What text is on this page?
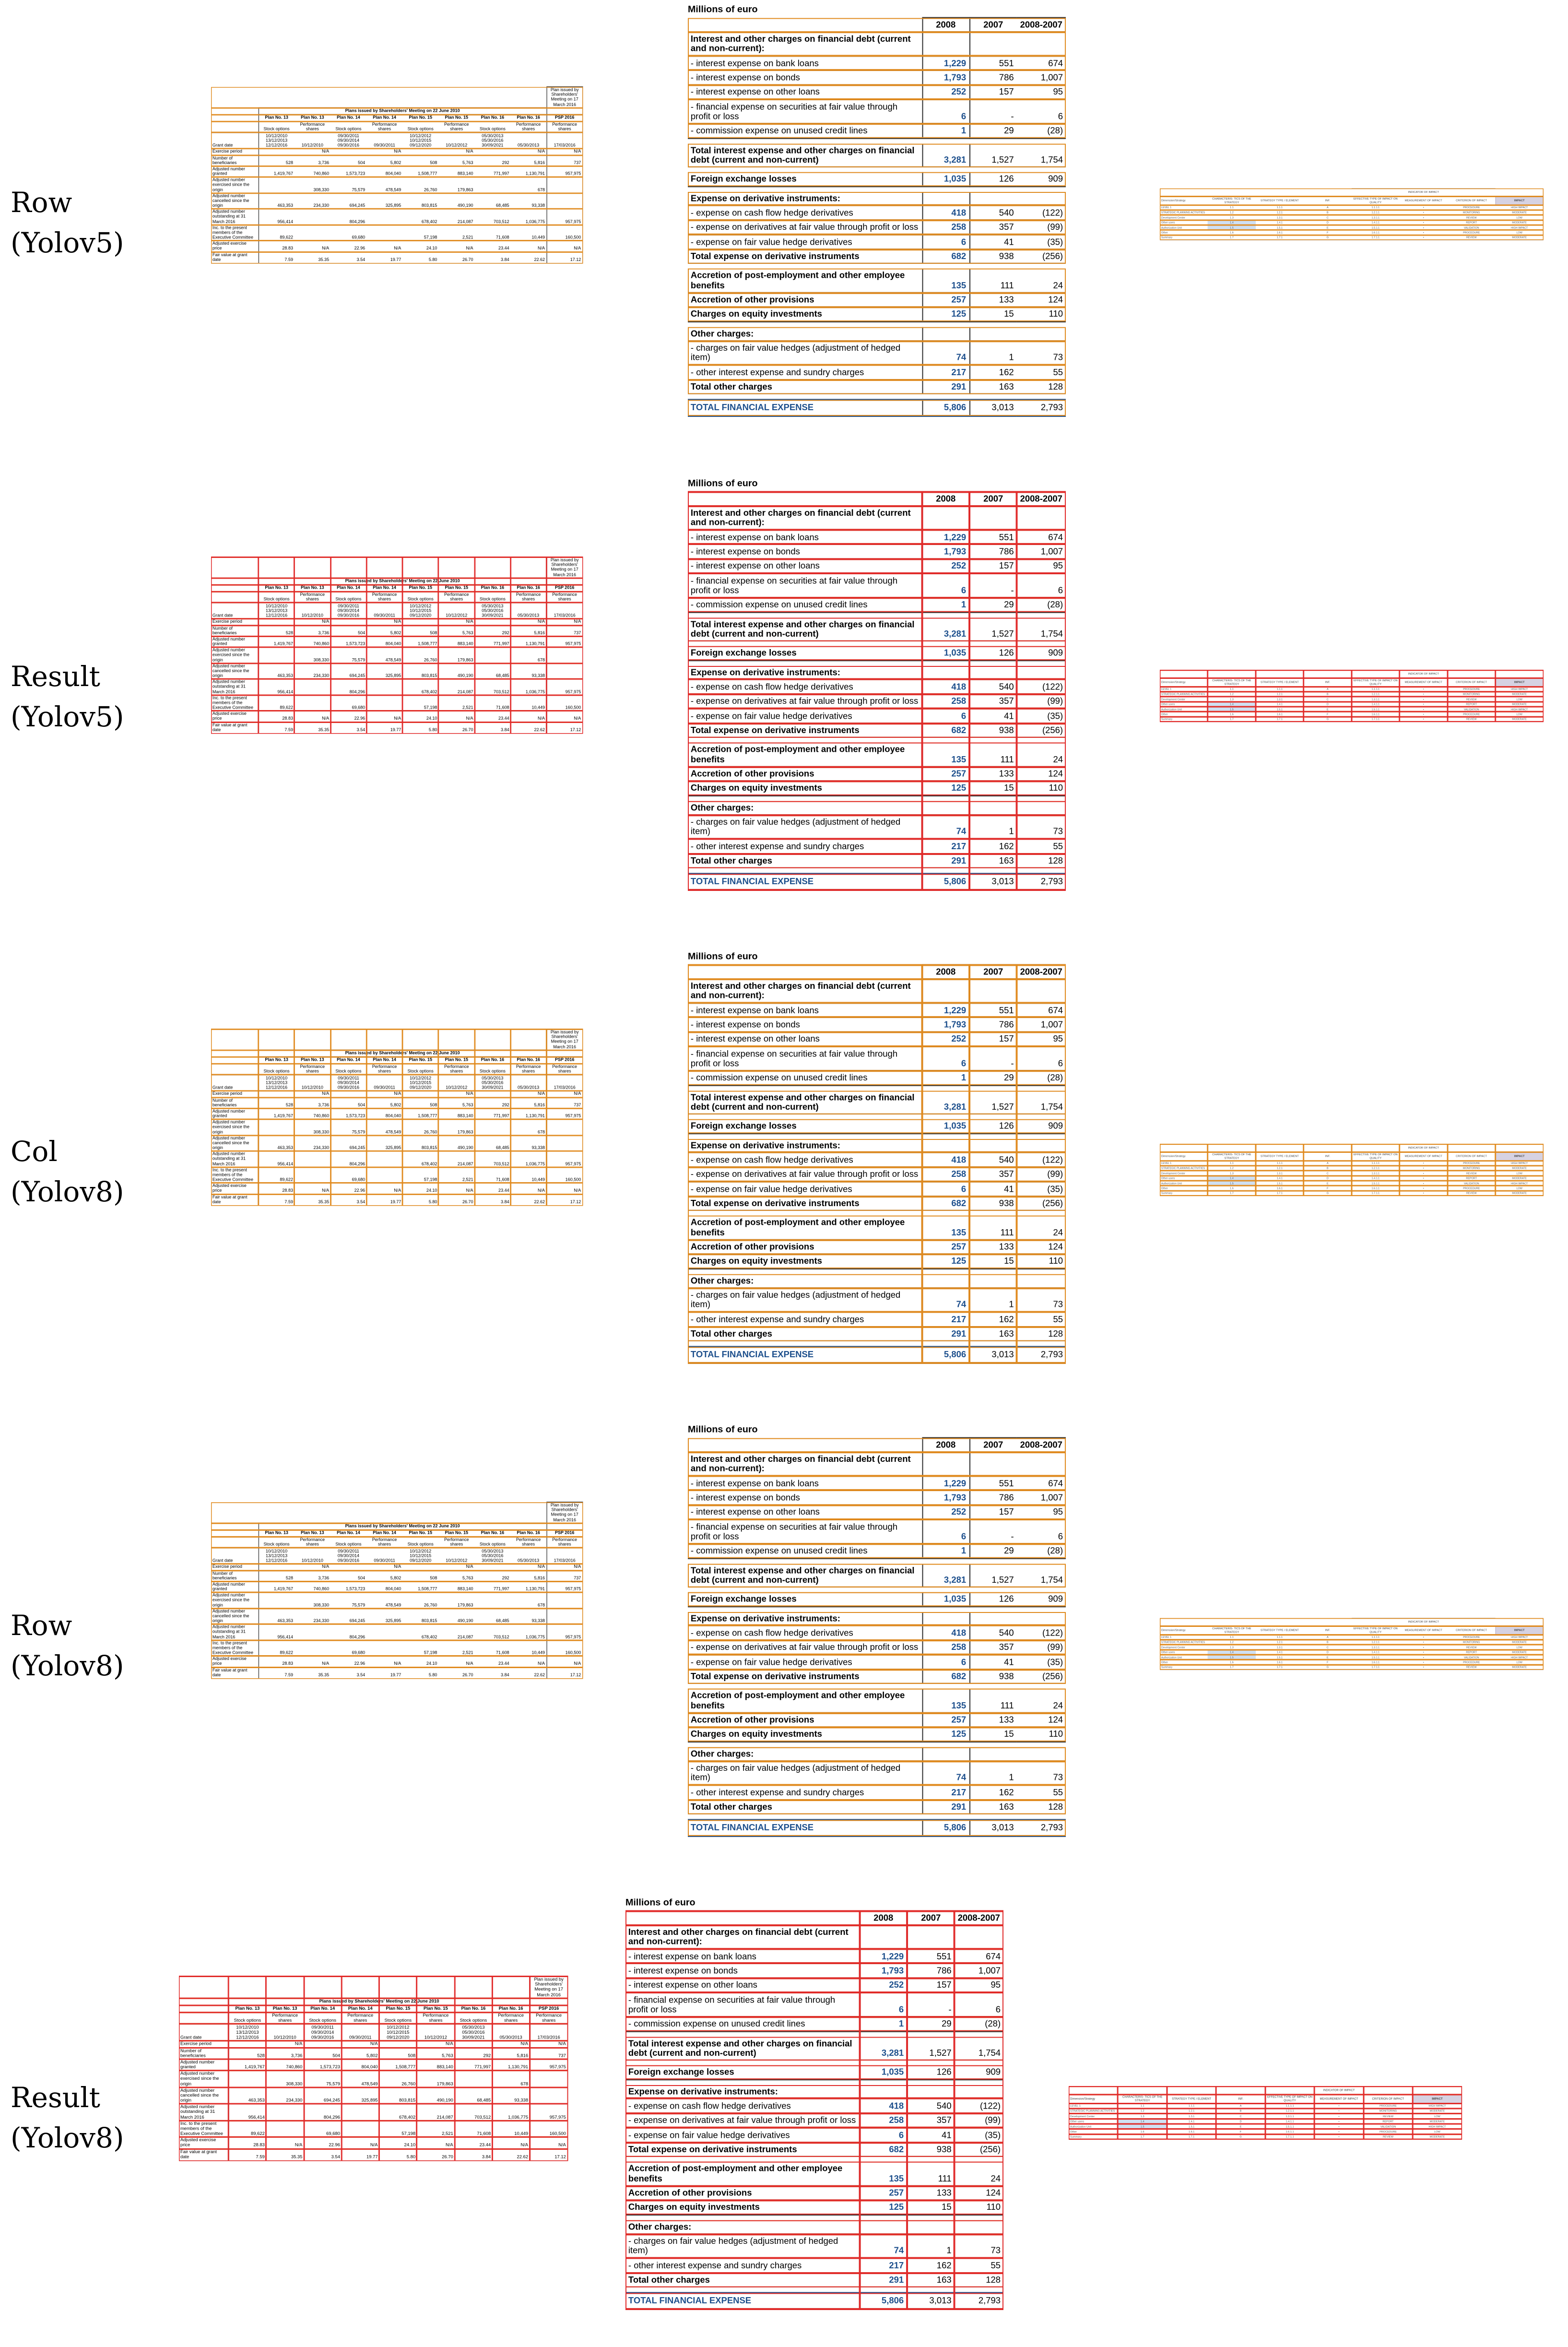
Row
(Yolov5)
Result
(Yolov5)
Col
(Yolov8)
Row
(Yolov8)
Result
(Yolov8)
									Plan issued by Shareholders' Meeting on 17 March 2016
	Plans issued by Shareholders' Meeting on 22 June 2010								
	Plan No. 13	Plan No. 13	Plan No. 14	Plan No. 14	Plan No. 15	Plan No. 15	Plan No. 16	Plan No. 16	PSP 2016
	Stock options	Performance shares	Stock options	Performance shares	Stock options	Performance shares	Stock options	Performance shares	Performance shares
Grant date	10/12/2010 13/12/2013 12/12/2016	10/12/2010	09/30/2011 09/30/2014 09/30/2016	09/30/2011	10/12/2012 10/12/2015 09/12/2020	10/12/2012	05/30/2013 05/30/2016 30/09/2021	05/30/2013	17/03/2016
Exercise period		N/A		N/A		N/A		N/A	N/A
Number of beneficiaries	528	3,736	504	5,802	508	5,763	292	5,816	737
Adjusted number granted	1,419,767	740,860	1,573,723	804,040	1,508,777	883,140	771,997	1,130,791	957,975
Adjusted number exercised since the origin		308,330	75,579	478,549	26,760	179,863		678	
Adjusted number cancelled since the origin	463,353	234,330	694,245	325,895	803,815	490,190	68,485	93,338	
Adjusted number outstanding at 31 March 2016	956,414		804,296		678,402	214,087	703,512	1,036,775	957,975
Inc. to the present members of the Executive Committee	89,622		69,680		57,198	2,521	71,608	10,449	160,500
Adjusted exercise price	28.83	N/A	22.96	N/A	24.10	N/A	23.44	N/A	N/A
Fair value at grant date	7.59	35.35	3.54	19.77	5.80	26.70	3.84	22.62	17.12
									Plan issued by Shareholders' Meeting on 17 March 2016
	Plans issued by Shareholders' Meeting on 22 June 2010								
	Plan No. 13	Plan No. 13	Plan No. 14	Plan No. 14	Plan No. 15	Plan No. 15	Plan No. 16	Plan No. 16	PSP 2016
	Stock options	Performance shares	Stock options	Performance shares	Stock options	Performance shares	Stock options	Performance shares	Performance shares
Grant date	10/12/2010 13/12/2013 12/12/2016	10/12/2010	09/30/2011 09/30/2014 09/30/2016	09/30/2011	10/12/2012 10/12/2015 09/12/2020	10/12/2012	05/30/2013 05/30/2016 30/09/2021	05/30/2013	17/03/2016
Exercise period		N/A		N/A		N/A		N/A	N/A
Number of beneficiaries	528	3,736	504	5,802	508	5,763	292	5,816	737
Adjusted number granted	1,419,767	740,860	1,573,723	804,040	1,508,777	883,140	771,997	1,130,791	957,975
Adjusted number exercised since the origin		308,330	75,579	478,549	26,760	179,863		678	
Adjusted number cancelled since the origin	463,353	234,330	694,245	325,895	803,815	490,190	68,485	93,338	
Adjusted number outstanding at 31 March 2016	956,414		804,296		678,402	214,087	703,512	1,036,775	957,975
Inc. to the present members of the Executive Committee	89,622		69,680		57,198	2,521	71,608	10,449	160,500
Adjusted exercise price	28.83	N/A	22.96	N/A	24.10	N/A	23.44	N/A	N/A
Fair value at grant date	7.59	35.35	3.54	19.77	5.80	26.70	3.84	22.62	17.12
									Plan issued by Shareholders' Meeting on 17 March 2016
	Plans issued by Shareholders' Meeting on 22 June 2010								
	Plan No. 13	Plan No. 13	Plan No. 14	Plan No. 14	Plan No. 15	Plan No. 15	Plan No. 16	Plan No. 16	PSP 2016
	Stock options	Performance shares	Stock options	Performance shares	Stock options	Performance shares	Stock options	Performance shares	Performance shares
Grant date	10/12/2010 13/12/2013 12/12/2016	10/12/2010	09/30/2011 09/30/2014 09/30/2016	09/30/2011	10/12/2012 10/12/2015 09/12/2020	10/12/2012	05/30/2013 05/30/2016 30/09/2021	05/30/2013	17/03/2016
Exercise period		N/A		N/A		N/A		N/A	N/A
Number of beneficiaries	528	3,736	504	5,802	508	5,763	292	5,816	737
Adjusted number granted	1,419,767	740,860	1,573,723	804,040	1,508,777	883,140	771,997	1,130,791	957,975
Adjusted number exercised since the origin		308,330	75,579	478,549	26,760	179,863		678	
Adjusted number cancelled since the origin	463,353	234,330	694,245	325,895	803,815	490,190	68,485	93,338	
Adjusted number outstanding at 31 March 2016	956,414		804,296		678,402	214,087	703,512	1,036,775	957,975
Inc. to the present members of the Executive Committee	89,622		69,680		57,198	2,521	71,608	10,449	160,500
Adjusted exercise price	28.83	N/A	22.96	N/A	24.10	N/A	23.44	N/A	N/A
Fair value at grant date	7.59	35.35	3.54	19.77	5.80	26.70	3.84	22.62	17.12
									Plan issued by Shareholders' Meeting on 17 March 2016
	Plans issued by Shareholders' Meeting on 22 June 2010								
	Plan No. 13	Plan No. 13	Plan No. 14	Plan No. 14	Plan No. 15	Plan No. 15	Plan No. 16	Plan No. 16	PSP 2016
	Stock options	Performance shares	Stock options	Performance shares	Stock options	Performance shares	Stock options	Performance shares	Performance shares
Grant date	10/12/2010 13/12/2013 12/12/2016	10/12/2010	09/30/2011 09/30/2014 09/30/2016	09/30/2011	10/12/2012 10/12/2015 09/12/2020	10/12/2012	05/30/2013 05/30/2016 30/09/2021	05/30/2013	17/03/2016
Exercise period		N/A		N/A		N/A		N/A	N/A
Number of beneficiaries	528	3,736	504	5,802	508	5,763	292	5,816	737
Adjusted number granted	1,419,767	740,860	1,573,723	804,040	1,508,777	883,140	771,997	1,130,791	957,975
Adjusted number exercised since the origin		308,330	75,579	478,549	26,760	179,863		678	
Adjusted number cancelled since the origin	463,353	234,330	694,245	325,895	803,815	490,190	68,485	93,338	
Adjusted number outstanding at 31 March 2016	956,414		804,296		678,402	214,087	703,512	1,036,775	957,975
Inc. to the present members of the Executive Committee	89,622		69,680		57,198	2,521	71,608	10,449	160,500
Adjusted exercise price	28.83	N/A	22.96	N/A	24.10	N/A	23.44	N/A	N/A
Fair value at grant date	7.59	35.35	3.54	19.77	5.80	26.70	3.84	22.62	17.12
									Plan issued by Shareholders' Meeting on 17 March 2016
	Plans issued by Shareholders' Meeting on 22 June 2010								
	Plan No. 13	Plan No. 13	Plan No. 14	Plan No. 14	Plan No. 15	Plan No. 15	Plan No. 16	Plan No. 16	PSP 2016
	Stock options	Performance shares	Stock options	Performance shares	Stock options	Performance shares	Stock options	Performance shares	Performance shares
Grant date	10/12/2010 13/12/2013 12/12/2016	10/12/2010	09/30/2011 09/30/2014 09/30/2016	09/30/2011	10/12/2012 10/12/2015 09/12/2020	10/12/2012	05/30/2013 05/30/2016 30/09/2021	05/30/2013	17/03/2016
Exercise period		N/A		N/A		N/A		N/A	N/A
Number of beneficiaries	528	3,736	504	5,802	508	5,763	292	5,816	737
Adjusted number granted	1,419,767	740,860	1,573,723	804,040	1,508,777	883,140	771,997	1,130,791	957,975
Adjusted number exercised since the origin		308,330	75,579	478,549	26,760	179,863		678	
Adjusted number cancelled since the origin	463,353	234,330	694,245	325,895	803,815	490,190	68,485	93,338	
Adjusted number outstanding at 31 March 2016	956,414		804,296		678,402	214,087	703,512	1,036,775	957,975
Inc. to the present members of the Executive Committee	89,622		69,680		57,198	2,521	71,608	10,449	160,500
Adjusted exercise price	28.83	N/A	22.96	N/A	24.10	N/A	23.44	N/A	N/A
Fair value at grant date	7.59	35.35	3.54	19.77	5.80	26.70	3.84	22.62	17.12
Millions of euro
	2008	2007	2008-2007
Interest and other charges on financial debt (current and non-current):			
- interest expense on bank loans	1,229	551	674
- interest expense on bonds	1,793	786	1,007
- interest expense on other loans	252	157	95
- financial expense on securities at fair value through profit or loss	6	-	6
- commission expense on unused credit lines	1	29	(28)

Total interest expense and other charges on financial debt (current and non-current)	3,281	1,527	1,754

Foreign exchange losses	1,035	126	909

Expense on derivative instruments:			
- expense on cash flow hedge derivatives	418	540	(122)
- expense on derivatives at fair value through profit or loss	258	357	(99)
- expense on fair value hedge derivatives	6	41	(35)
Total expense on derivative instruments	682	938	(256)

Accretion of post-employment and other employee benefits	135	111	24
Accretion of other provisions	257	133	124
Charges on equity investments	125	15	110

Other charges:			
- charges on fair value hedges (adjustment of hedged item)	74	1	73
- other interest expense and sundry charges	217	162	55
Total other charges	291	163	128

TOTAL FINANCIAL EXPENSE	5,806	3,013	2,793
Millions of euro
	2008	2007	2008-2007
Interest and other charges on financial debt (current and non-current):			
- interest expense on bank loans	1,229	551	674
- interest expense on bonds	1,793	786	1,007
- interest expense on other loans	252	157	95
- financial expense on securities at fair value through profit or loss	6	-	6
- commission expense on unused credit lines	1	29	(28)

Total interest expense and other charges on financial debt (current and non-current)	3,281	1,527	1,754

Foreign exchange losses	1,035	126	909

Expense on derivative instruments:			
- expense on cash flow hedge derivatives	418	540	(122)
- expense on derivatives at fair value through profit or loss	258	357	(99)
- expense on fair value hedge derivatives	6	41	(35)
Total expense on derivative instruments	682	938	(256)

Accretion of post-employment and other employee benefits	135	111	24
Accretion of other provisions	257	133	124
Charges on equity investments	125	15	110

Other charges:			
- charges on fair value hedges (adjustment of hedged item)	74	1	73
- other interest expense and sundry charges	217	162	55
Total other charges	291	163	128

TOTAL FINANCIAL EXPENSE	5,806	3,013	2,793
Millions of euro
	2008	2007	2008-2007
Interest and other charges on financial debt (current and non-current):			
- interest expense on bank loans	1,229	551	674
- interest expense on bonds	1,793	786	1,007
- interest expense on other loans	252	157	95
- financial expense on securities at fair value through profit or loss	6	-	6
- commission expense on unused credit lines	1	29	(28)

Total interest expense and other charges on financial debt (current and non-current)	3,281	1,527	1,754

Foreign exchange losses	1,035	126	909

Expense on derivative instruments:			
- expense on cash flow hedge derivatives	418	540	(122)
- expense on derivatives at fair value through profit or loss	258	357	(99)
- expense on fair value hedge derivatives	6	41	(35)
Total expense on derivative instruments	682	938	(256)

Accretion of post-employment and other employee benefits	135	111	24
Accretion of other provisions	257	133	124
Charges on equity investments	125	15	110

Other charges:			
- charges on fair value hedges (adjustment of hedged item)	74	1	73
- other interest expense and sundry charges	217	162	55
Total other charges	291	163	128

TOTAL FINANCIAL EXPENSE	5,806	3,013	2,793
Millions of euro
	2008	2007	2008-2007
Interest and other charges on financial debt (current and non-current):			
- interest expense on bank loans	1,229	551	674
- interest expense on bonds	1,793	786	1,007
- interest expense on other loans	252	157	95
- financial expense on securities at fair value through profit or loss	6	-	6
- commission expense on unused credit lines	1	29	(28)

Total interest expense and other charges on financial debt (current and non-current)	3,281	1,527	1,754

Foreign exchange losses	1,035	126	909

Expense on derivative instruments:			
- expense on cash flow hedge derivatives	418	540	(122)
- expense on derivatives at fair value through profit or loss	258	357	(99)
- expense on fair value hedge derivatives	6	41	(35)
Total expense on derivative instruments	682	938	(256)

Accretion of post-employment and other employee benefits	135	111	24
Accretion of other provisions	257	133	124
Charges on equity investments	125	15	110

Other charges:			
- charges on fair value hedges (adjustment of hedged item)	74	1	73
- other interest expense and sundry charges	217	162	55
Total other charges	291	163	128

TOTAL FINANCIAL EXPENSE	5,806	3,013	2,793
Millions of euro
	2008	2007	2008-2007
Interest and other charges on financial debt (current and non-current):			
- interest expense on bank loans	1,229	551	674
- interest expense on bonds	1,793	786	1,007
- interest expense on other loans	252	157	95
- financial expense on securities at fair value through profit or loss	6	-	6
- commission expense on unused credit lines	1	29	(28)

Total interest expense and other charges on financial debt (current and non-current)	3,281	1,527	1,754

Foreign exchange losses	1,035	126	909

Expense on derivative instruments:			
- expense on cash flow hedge derivatives	418	540	(122)
- expense on derivatives at fair value through profit or loss	258	357	(99)
- expense on fair value hedge derivatives	6	41	(35)
Total expense on derivative instruments	682	938	(256)

Accretion of post-employment and other employee benefits	135	111	24
Accretion of other provisions	257	133	124
Charges on equity investments	125	15	110

Other charges:			
- charges on fair value hedges (adjustment of hedged item)	74	1	73
- other interest expense and sundry charges	217	162	55
Total other charges	291	163	128

TOTAL FINANCIAL EXPENSE	5,806	3,013	2,793
				INDICATOR OF IMPACT			
Dimension/Strategy	CHARACTERIS- TICS OF THE STRATEGY	STRATEGY TYPE / ELEMENT	INF.	EFFECTIVE TYPE OF IMPACT ON QUALITY	MEASUREMENT OF IMPACT	CRITERION OF IMPACT	IMPACT
LEVEL 1	1.1	1.1.1	A	1.1.1.1	•	PROCEDURE	HIGH IMPACT
STRATEGIC PLANNING ACTIVITIES	1.2	1.2.1	B	1.2.1.1	•	MONITORING	MODERATE
Development Center	1.3	1.3.1	C	1.3.1.1	•	REVIEW	LOW
Other users	1.4	1.4.1	D	1.4.1.1	•	REPORT	MODERATE
Authorization Unit	1.5	1.5.1	E	1.5.1.1	•	VALIDATION	HIGH IMPACT
Other	1.6	1.6.1	F	1.6.1.1	•	PROCEDURE	LOW
Summary	1.7	1.7.1	G	1.7.1.1	•	REVIEW	MODERATE
				INDICATOR OF IMPACT			
Dimension/Strategy	CHARACTERIS- TICS OF THE STRATEGY	STRATEGY TYPE / ELEMENT	INF.	EFFECTIVE TYPE OF IMPACT ON QUALITY	MEASUREMENT OF IMPACT	CRITERION OF IMPACT	IMPACT
LEVEL 1	1.1	1.1.1	A	1.1.1.1	•	PROCEDURE	HIGH IMPACT
STRATEGIC PLANNING ACTIVITIES	1.2	1.2.1	B	1.2.1.1	•	MONITORING	MODERATE
Development Center	1.3	1.3.1	C	1.3.1.1	•	REVIEW	LOW
Other users	1.4	1.4.1	D	1.4.1.1	•	REPORT	MODERATE
Authorization Unit	1.5	1.5.1	E	1.5.1.1	•	VALIDATION	HIGH IMPACT
Other	1.6	1.6.1	F	1.6.1.1	•	PROCEDURE	LOW
Summary	1.7	1.7.1	G	1.7.1.1	•	REVIEW	MODERATE
				INDICATOR OF IMPACT			
Dimension/Strategy	CHARACTERIS- TICS OF THE STRATEGY	STRATEGY TYPE / ELEMENT	INF.	EFFECTIVE TYPE OF IMPACT ON QUALITY	MEASUREMENT OF IMPACT	CRITERION OF IMPACT	IMPACT
LEVEL 1	1.1	1.1.1	A	1.1.1.1	•	PROCEDURE	HIGH IMPACT
STRATEGIC PLANNING ACTIVITIES	1.2	1.2.1	B	1.2.1.1	•	MONITORING	MODERATE
Development Center	1.3	1.3.1	C	1.3.1.1	•	REVIEW	LOW
Other users	1.4	1.4.1	D	1.4.1.1	•	REPORT	MODERATE
Authorization Unit	1.5	1.5.1	E	1.5.1.1	•	VALIDATION	HIGH IMPACT
Other	1.6	1.6.1	F	1.6.1.1	•	PROCEDURE	LOW
Summary	1.7	1.7.1	G	1.7.1.1	•	REVIEW	MODERATE
				INDICATOR OF IMPACT			
Dimension/Strategy	CHARACTERIS- TICS OF THE STRATEGY	STRATEGY TYPE / ELEMENT	INF.	EFFECTIVE TYPE OF IMPACT ON QUALITY	MEASUREMENT OF IMPACT	CRITERION OF IMPACT	IMPACT
LEVEL 1	1.1	1.1.1	A	1.1.1.1	•	PROCEDURE	HIGH IMPACT
STRATEGIC PLANNING ACTIVITIES	1.2	1.2.1	B	1.2.1.1	•	MONITORING	MODERATE
Development Center	1.3	1.3.1	C	1.3.1.1	•	REVIEW	LOW
Other users	1.4	1.4.1	D	1.4.1.1	•	REPORT	MODERATE
Authorization Unit	1.5	1.5.1	E	1.5.1.1	•	VALIDATION	HIGH IMPACT
Other	1.6	1.6.1	F	1.6.1.1	•	PROCEDURE	LOW
Summary	1.7	1.7.1	G	1.7.1.1	•	REVIEW	MODERATE
				INDICATOR OF IMPACT			
Dimension/Strategy	CHARACTERIS- TICS OF THE STRATEGY	STRATEGY TYPE / ELEMENT	INF.	EFFECTIVE TYPE OF IMPACT ON QUALITY	MEASUREMENT OF IMPACT	CRITERION OF IMPACT	IMPACT
LEVEL 1	1.1	1.1.1	A	1.1.1.1	•	PROCEDURE	HIGH IMPACT
STRATEGIC PLANNING ACTIVITIES	1.2	1.2.1	B	1.2.1.1	•	MONITORING	MODERATE
Development Center	1.3	1.3.1	C	1.3.1.1	•	REVIEW	LOW
Other users	1.4	1.4.1	D	1.4.1.1	•	REPORT	MODERATE
Authorization Unit	1.5	1.5.1	E	1.5.1.1	•	VALIDATION	HIGH IMPACT
Other	1.6	1.6.1	F	1.6.1.1	•	PROCEDURE	LOW
Summary	1.7	1.7.1	G	1.7.1.1	•	REVIEW	MODERATE
